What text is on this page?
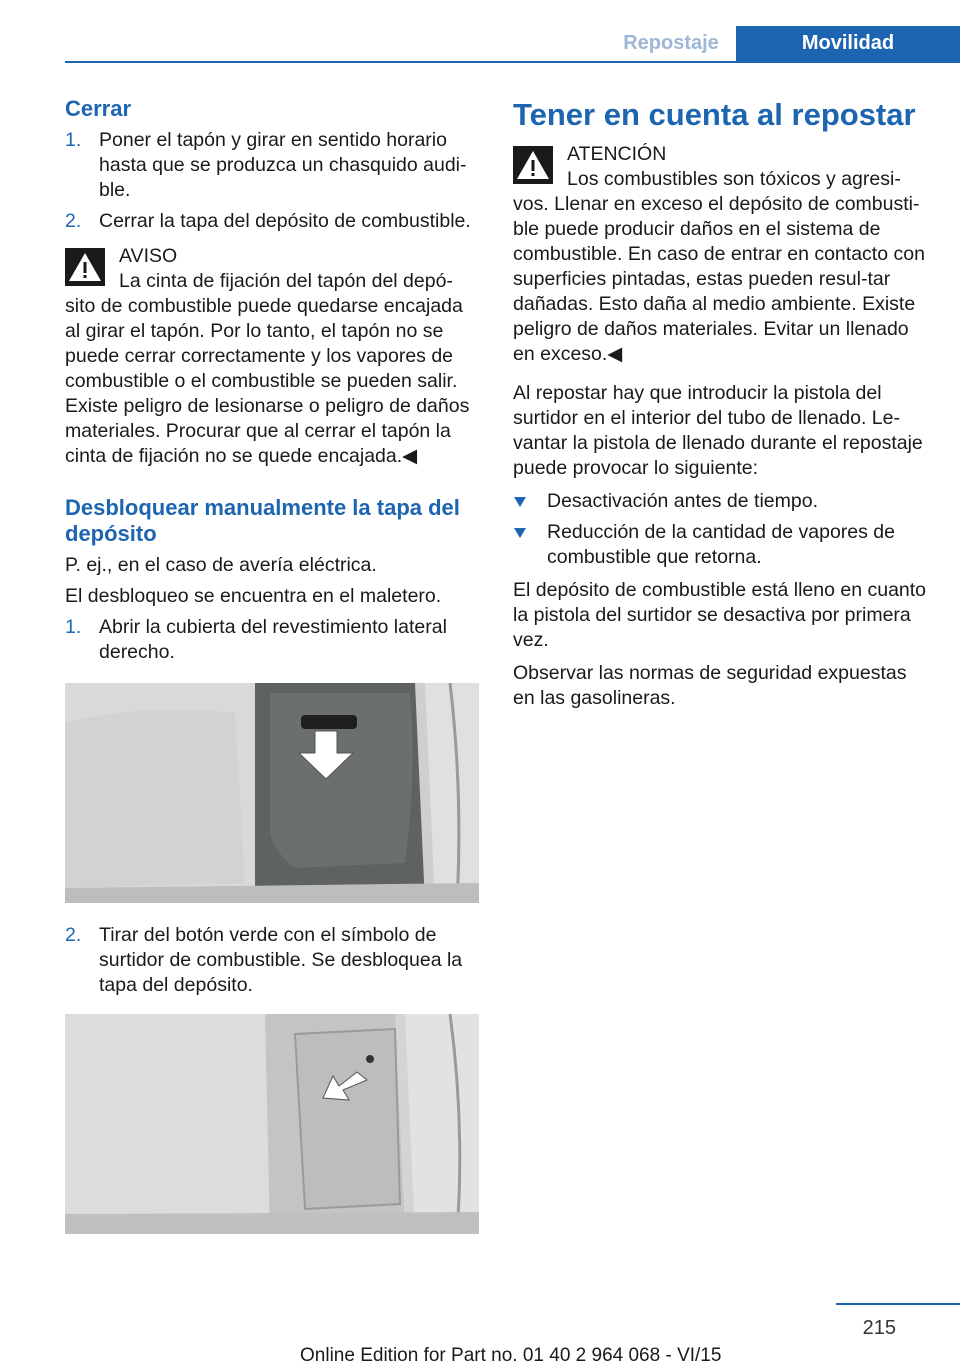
Repostaje	Movilidad

Cerrar

1. Poner el tapón y girar en sentido horario hasta que se produzca un chasquido audi‐ble.
2. Cerrar la tapa del depósito de combustible.

AVISO

La cinta de fijación del tapón del depó‐sito de combustible puede quedarse encajada al girar el tapón. Por lo tanto, el tapón no se puede cerrar correctamente y los vapores de combustible o el combustible se pueden salir. Existe peligro de lesionarse o peligro de daños materiales. Procurar que al cerrar el tapón la cinta de fijación no se quede encajada.◀

Desbloquear manualmente la tapa del depósito

P. ej., en el caso de avería eléctrica.

El desbloqueo se encuentra en el maletero.

1. Abrir la cubierta del revestimiento lateral derecho.
2. Tirar del botón verde con el símbolo de surtidor de combustible. Se desbloquea la tapa del depósito.

Tener en cuenta al repostar

ATENCIÓN

Los combustibles son tóxicos y agresi‐vos. Llenar en exceso el depósito de combusti‐ble puede producir daños en el sistema de combustible. En caso de entrar en contacto con superficies pintadas, estas pueden resul‐tar dañadas. Esto daña al medio ambiente. Existe peligro de daños materiales. Evitar un llenado en exceso.◀

Al repostar hay que introducir la pistola del surtidor en el interior del tubo de llenado. Le‐vantar la pistola de llenado durante el repostaje puede provocar lo siguiente:

Desactivación antes de tiempo.
Reducción de la cantidad de vapores de combustible que retorna.

El depósito de combustible está lleno en cuanto la pistola del surtidor se desactiva por primera vez.

Observar las normas de seguridad expuestas en las gasolineras.

215
Online Edition for Part no. 01 40 2 964 068 - VI/15
